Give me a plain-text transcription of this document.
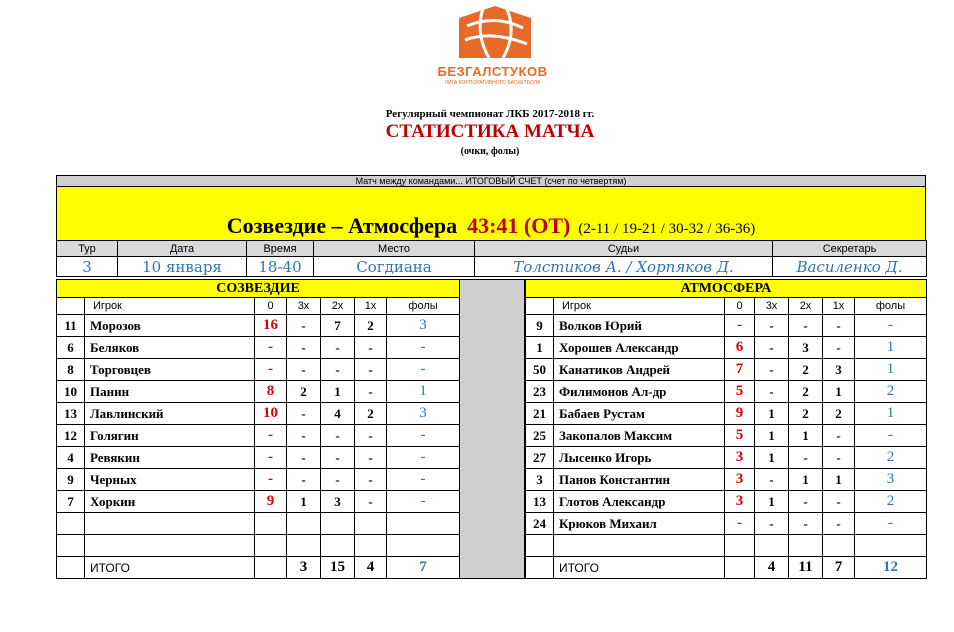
БЕЗГАЛСТУКОВ
ЛИГА КОРПОРАТИВНОГО БАСКЕТБОЛА
Регулярный чемпионат ЛКБ 2017-2018 гг.
СТАТИСТИКА МАТЧА
(очки, фолы)
Матч между командами... ИТОГОВЫЙ СЧЕТ (счет по четвертям)
Созвездие – Атмосфера 43:41 (ОТ) (2-11 / 19-21 / 30-32 / 36-36)
Тур	Дата	Время	Место	Судьи	Секретарь
3	10 января	18-40	Согдиана	Толстиков А. / Хорпяков Д.	Василенко Д.
СОЗВЕЗДИЕ						
	Игрок	0	3х	2х	1х	фолы
11	Морозов	16	-	7	2	3
6	Беляков	-	-	-	-	-
8	Торговцев	-	-	-	-	-
10	Панин	8	2	1	-	1
13	Лавлинский	10	-	4	2	3
12	Голягин	-	-	-	-	-
4	Ревякин	-	-	-	-	-
9	Черных	-	-	-	-	-
7	Хоркин	9	1	3	-	-

	ИТОГО		3	15	4	7
АТМОСФЕРА						
	Игрок	0	3х	2х	1х	фолы
9	Волков Юрий	-	-	-	-	-
1	Хорошев Александр	6	-	3	-	1
50	Канатиков Андрей	7	-	2	3	1
23	Филимонов Ал-др	5	-	2	1	2
21	Бабаев Рустам	9	1	2	2	1
25	Закопалов Максим	5	1	1	-	-
27	Лысенко Игорь	3	1	-	-	2
3	Панов Константин	3	-	1	1	3
13	Глотов Александр	3	1	-	-	2
24	Крюков Михаил	-	-	-	-	-

	ИТОГО		4	11	7	12
